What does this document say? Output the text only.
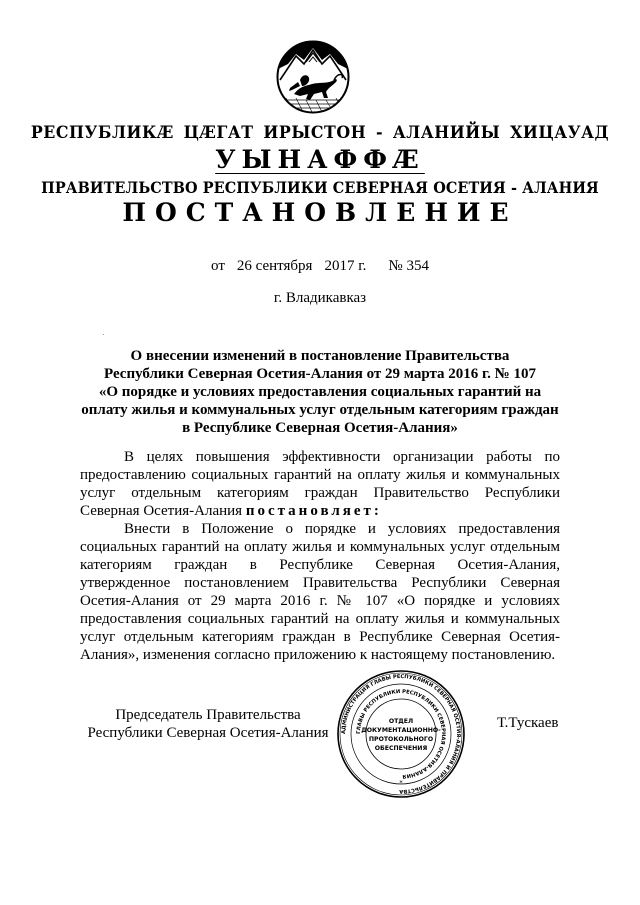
РЕСПУБЛИКÆ ЦÆГАТ ИРЫСТОН - АЛАНИЙЫ ХИЦАУАД
УЫНАФФÆ
ПРАВИТЕЛЬСТВО РЕСПУБЛИКИ СЕВЕРНАЯ ОСЕТИЯ - АЛАНИЯ
ПОСТАНОВЛЕНИЕ
от 26 сентября 2017 г. № 354
г. Владикавказ
О внесении изменений в постановление Правительства
Республики Северная Осетия-Алания от 29 марта 2016 г. № 107
«О порядке и условиях предоставления социальных гарантий на
оплату жилья и коммунальных услуг отдельным категориям граждан
в Республике Северная Осетия-Алания»

В целях повышения эффективности организации работы по предоставлению социальных гарантий на оплату жилья и коммунальных услуг отдельным категориям граждан Правительство Республики Северная Осетия-Алания постановляет:

Внести в Положение о порядке и условиях предоставления социальных гарантий на оплату жилья и коммунальных услуг отдельным категориям граждан в Республике Северная Осетия-Алания, утвержденное постановлением Правительства Республики Северная Осетия-Алания от 29 марта 2016 г. № 107 «О порядке и условиях предоставления социальных гарантий на оплату жилья и коммунальных услуг отдельным категориям граждан в Республике Северная Осетия-Алания», изменения согласно приложению к настоящему постановлению.

Председатель Правительства
Республики Северная Осетия-Алания
Т.Тускаев
АДМИНИСТРАЦИЯ ГЛАВЫ РЕСПУБЛИКИ СЕВЕРНАЯ ОСЕТИЯ-АЛАНИЯ И ПРАВИТЕЛЬСТВА
ГЛАВЫ РЕСПУБЛИКИ РЕСПУБЛИКИ СЕВЕРНАЯ ОСЕТИЯ-АЛАНИЯ
ОТДЕЛ
ДОКУМЕНТАЦИОННО-
ПРОТОКОЛЬНОГО
ОБЕСПЕЧЕНИЯ
*
